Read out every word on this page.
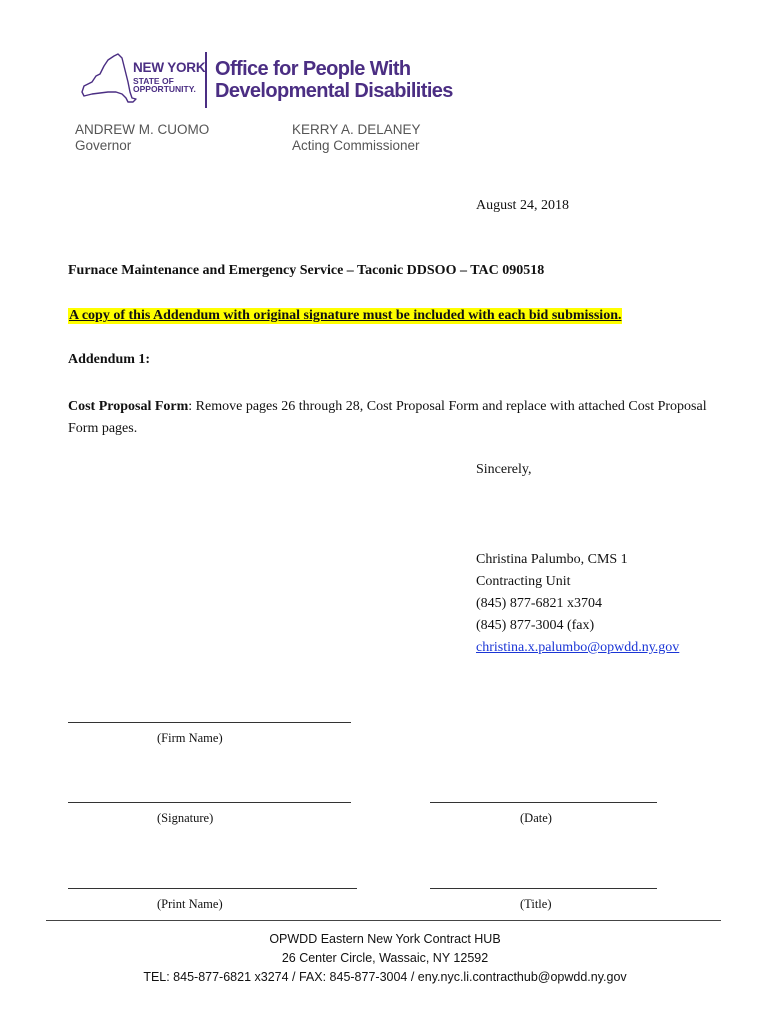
NEW YORK
STATE OF
OPPORTUNITY.
Office for People With
Developmental Disabilities
ANDREW M. CUOMO
Governor
KERRY A. DELANEY
Acting Commissioner
August 24, 2018
Furnace Maintenance and Emergency Service – Taconic DDSOO – TAC 090518
A copy of this Addendum with original signature must be included with each bid submission.
Addendum 1:
Cost Proposal Form: Remove pages 26 through 28, Cost Proposal Form and replace with attached Cost Proposal Form pages.
Sincerely,
Christina Palumbo, CMS 1
Contracting Unit
(845) 877-6821 x3704
(845) 877-3004 (fax)
christina.x.palumbo@opwdd.ny.gov
(Firm Name)
(Signature)	(Date)
(Print Name)	(Title)
OPWDD Eastern New York Contract HUB
26 Center Circle, Wassaic, NY 12592
TEL: 845-877-6821 x3274 / FAX: 845-877-3004 / eny.nyc.li.contracthub@opwdd.ny.gov
